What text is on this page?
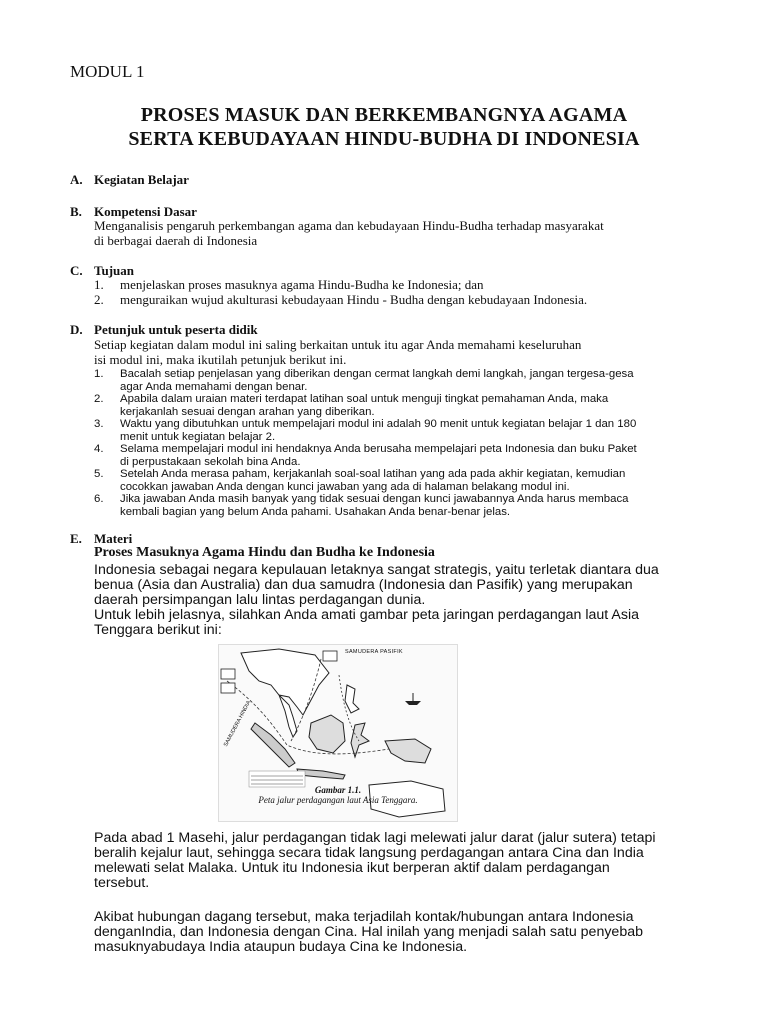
MODUL 1
PROSES MASUK DAN BERKEMBANGNYA AGAMA
SERTA KEBUDAYAAN HINDU-BUDHA DI INDONESIA
A. Kegiatan Belajar
B. Kompetensi Dasar
Menganalisis pengaruh perkembangan agama dan kebudayaan Hindu-Budha terhadap masyarakat
di berbagai daerah di Indonesia
C. Tujuan
1. menjelaskan proses masuknya agama Hindu-Budha ke Indonesia; dan
2. menguraikan wujud akulturasi kebudayaan Hindu - Budha dengan kebudayaan Indonesia.
D. Petunjuk untuk peserta didik
Setiap kegiatan dalam modul ini saling berkaitan untuk itu agar Anda memahami keseluruhan
isi modul ini, maka ikutilah petunjuk berikut ini.
1. Bacalah setiap penjelasan yang diberikan dengan cermat langkah demi langkah, jangan tergesa-gesa
agar Anda memahami dengan benar.
2. Apabila dalam uraian materi terdapat latihan soal untuk menguji tingkat pemahaman Anda, maka
kerjakanlah sesuai dengan arahan yang diberikan.
3. Waktu yang dibutuhkan untuk mempelajari modul ini adalah 90 menit untuk kegiatan belajar 1 dan 180
menit untuk kegiatan belajar 2.
4. Selama mempelajari modul ini hendaknya Anda berusaha mempelajari peta Indonesia dan buku Paket
di perpustakaan sekolah bina Anda.
5. Setelah Anda merasa paham, kerjakanlah soal-soal latihan yang ada pada akhir kegiatan, kemudian
cocokkan jawaban Anda dengan kunci jawaban yang ada di halaman belakang modul ini.
6. Jika jawaban Anda masih banyak yang tidak sesuai dengan kunci jawabannya Anda harus membaca
kembali bagian yang belum Anda pahami. Usahakan Anda benar-benar jelas.
E. Materi
Proses Masuknya Agama Hindu dan Budha ke Indonesia
Indonesia sebagai negara kepulauan letaknya sangat strategis, yaitu terletak diantara dua
benua (Asia dan Australia) dan dua samudra (Indonesia dan Pasifik) yang merupakan
daerah persimpangan lalu lintas perdagangan dunia.
Untuk lebih jelasnya, silahkan Anda amati gambar peta jaringan perdagangan laut Asia
Tenggara berikut ini:
SAMUDERA PASIFIK
SAMUDERA HINDIA
Gambar 1.1.
Peta jalur perdagangan laut Asia Tenggara.
Pada abad 1 Masehi, jalur perdagangan tidak lagi melewati jalur darat (jalur sutera) tetapi
beralih kejalur laut, sehingga secara tidak langsung perdagangan antara Cina dan India
melewati selat Malaka. Untuk itu Indonesia ikut berperan aktif dalam perdagangan
tersebut.
Akibat hubungan dagang tersebut, maka terjadilah kontak/hubungan antara Indonesia
denganIndia, dan Indonesia dengan Cina. Hal inilah yang menjadi salah satu penyebab
masuknyabudaya India ataupun budaya Cina ke Indonesia.
